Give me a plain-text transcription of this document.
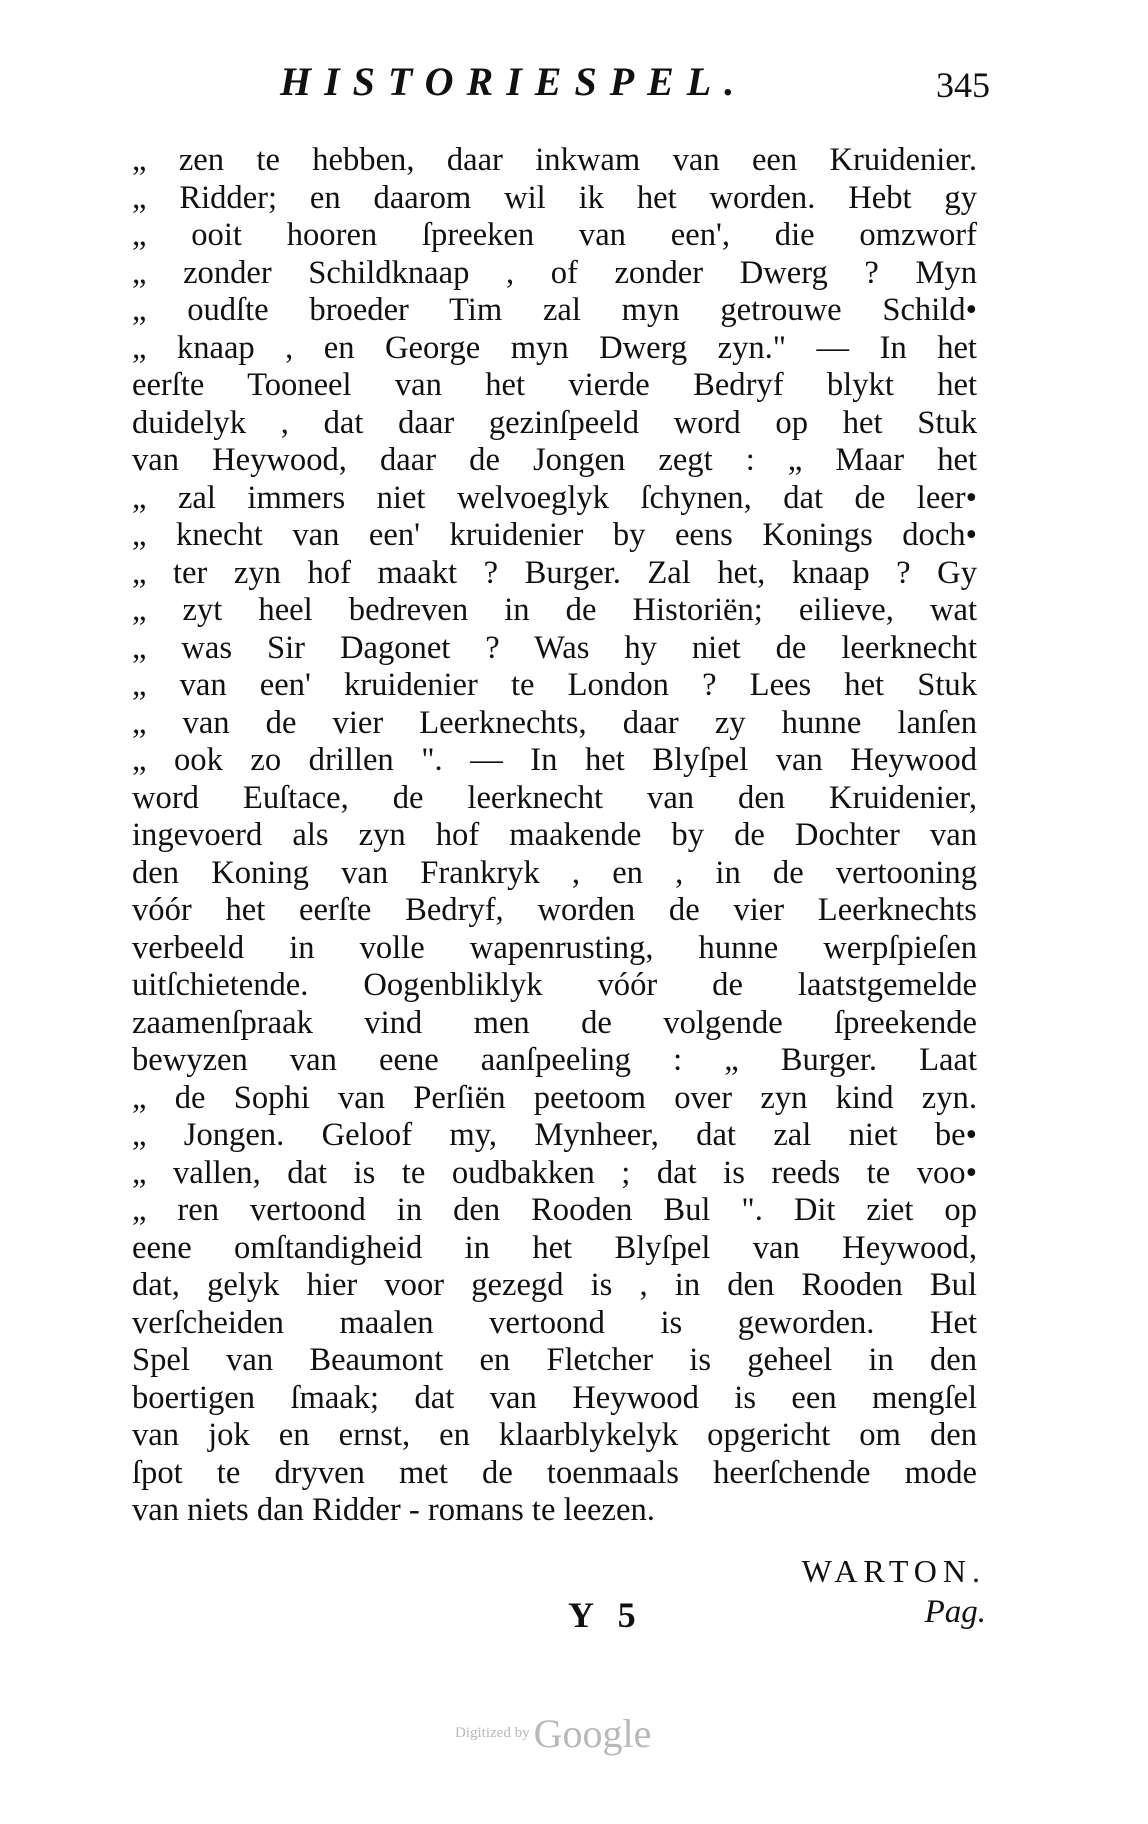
HISTORIESPEL.	345
„ zen te hebben, daar inkwam van een Kruidenier.
„ Ridder; en daarom wil ik het worden. Hebt gy
„ ooit hooren ſpreeken van een', die omzworf
„ zonder Schildknaap , of zonder Dwerg ? Myn
„ oudſte broeder Tim zal myn getrouwe Schild•
„ knaap , en George myn Dwerg zyn." — In het
eerſte Tooneel van het vierde Bedryf blykt het
duidelyk , dat daar gezinſpeeld word op het Stuk
van Heywood, daar de Jongen zegt : „ Maar het
„ zal immers niet welvoeglyk ſchynen, dat de leer•
„ knecht van een' kruidenier by eens Konings doch•
„ ter zyn hof maakt ? Burger. Zal het, knaap ? Gy
„ zyt heel bedreven in de Historiën; eilieve, wat
„ was Sir Dagonet ? Was hy niet de leerknecht
„ van een' kruidenier te London ? Lees het Stuk
„ van de vier Leerknechts, daar zy hunne lanſen
„ ook zo drillen ". — In het Blyſpel van Heywood
word Euſtace, de leerknecht van den Kruidenier,
ingevoerd als zyn hof maakende by de Dochter van
den Koning van Frankryk , en , in de vertooning
vóór het eerſte Bedryf, worden de vier Leerknechts
verbeeld in volle wapenrusting, hunne werpſpieſen
uitſchietende. Oogenbliklyk vóór de laatstgemelde
zaamenſpraak vind men de volgende ſpreekende
bewyzen van eene aanſpeeling : „ Burger. Laat
„ de Sophi van Perſiën peetoom over zyn kind zyn.
„ Jongen. Geloof my, Mynheer, dat zal niet be•
„ vallen, dat is te oudbakken ; dat is reeds te voo•
„ ren vertoond in den Rooden Bul ". Dit ziet op
eene omſtandigheid in het Blyſpel van Heywood,
dat, gelyk hier voor gezegd is , in den Rooden Bul
verſcheiden maalen vertoond is geworden. Het
Spel van Beaumont en Fletcher is geheel in den
boertigen ſmaak; dat van Heywood is een mengſel
van jok en ernst, en klaarblykelyk opgericht om den
ſpot te dryven met de toenmaals heerſchende mode
van niets dan Ridder - romans te leezen.
WARTON.
Y 5	Pag.
Digitized by Google
